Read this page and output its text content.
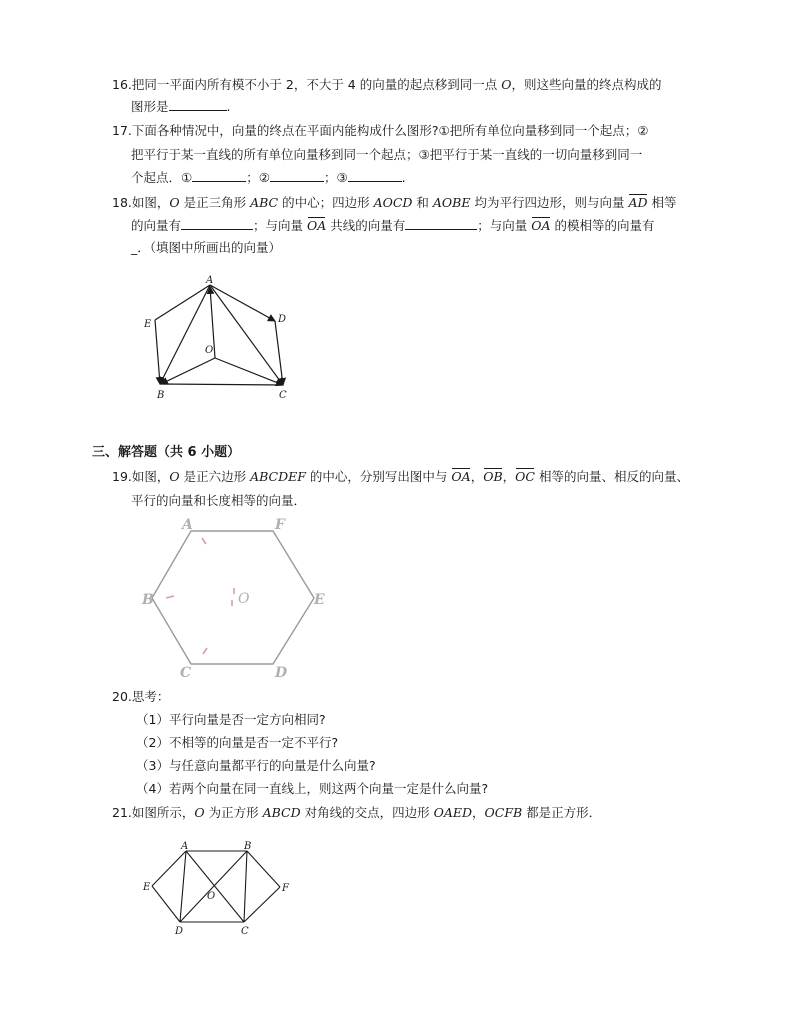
16.把同一平面内所有模不小于 2，不大于 4 的向量的起点移到同一点 O，则这些向量的终点构成的
图形是	.
17.下面各种情况中，向量的终点在平面内能构成什么图形?①把所有单位向量移到同一个起点；②
把平行于某一直线的所有单位向量移到同一个起点；③把平行于某一直线的一切向量移到同一
个起点．①	；②	；③	.
18.如图，O 是正三角形 ABC 的中心；四边形 AOCD 和 AOBE 均为平行四边形，则与向量 AD 相等
的向量有	；与向量 OA 共线的向量有	；与向量 OA 的模相等的向量有
_．（填图中所画出的向量）
A
D
E
O
B	C
三、解答题（共 6 小题）
19.如图，O 是正六边形 ABCDEF 的中心，分别写出图中与 OA，OB，OC 相等的向量、相反的向量、
平行的向量和长度相等的向量．
A	F
B	O	E
C	D
20.思考：
（1）平行向量是否一定方向相同?
（2）不相等的向量是否一定不平行?
（3）与任意向量都平行的向量是什么向量?
（4）若两个向量在同一直线上，则这两个向量一定是什么向量?
21.如图所示，O 为正方形 ABCD 对角线的交点，四边形 OAED，OCFB 都是正方形．
A	B
E
O
F
D	C
